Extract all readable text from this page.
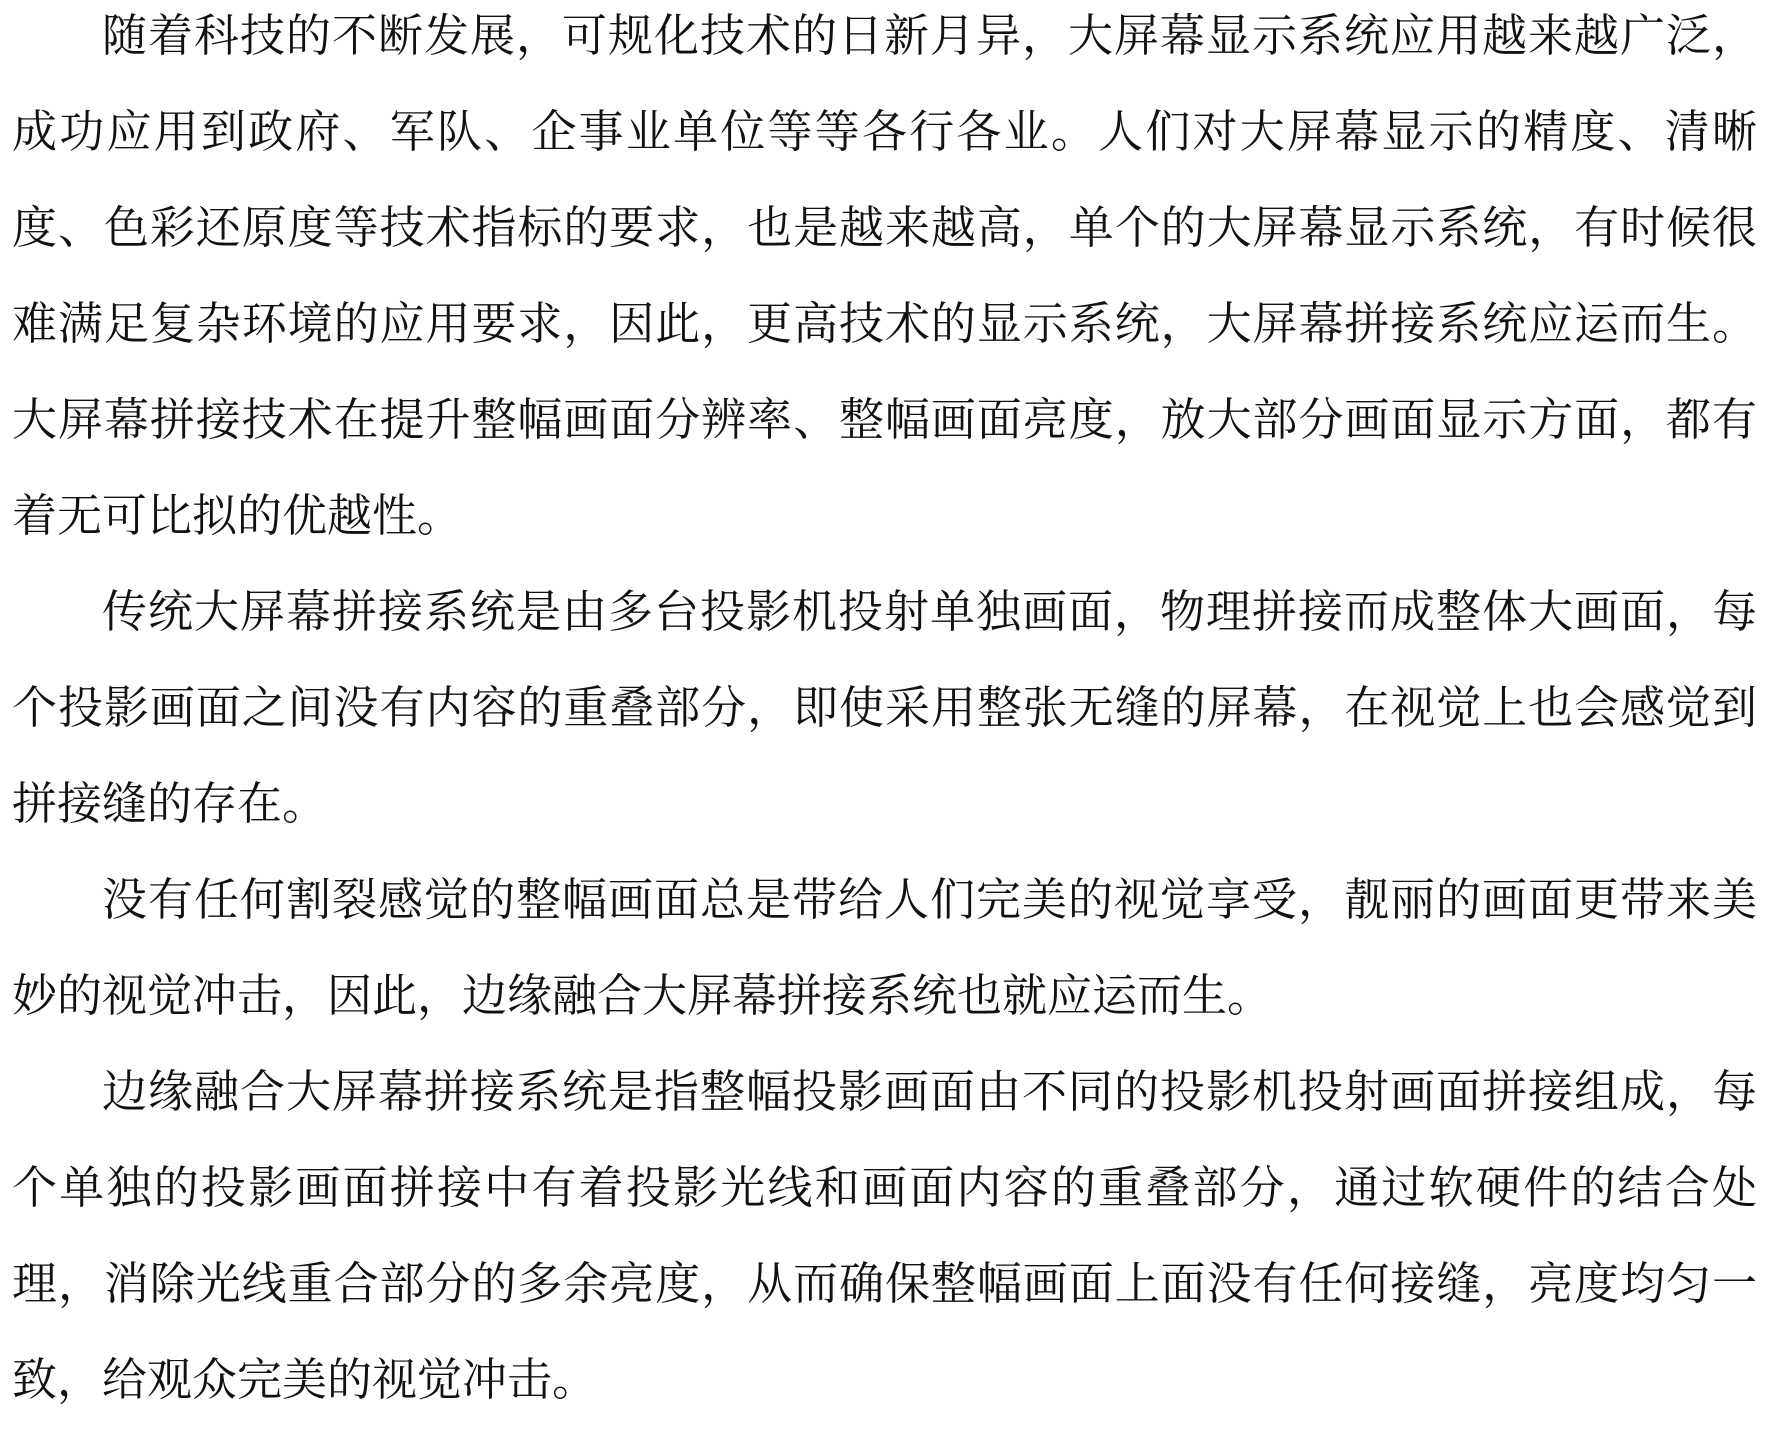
随着科技的不断发展，可规化技术的日新月异，大屏幕显示系统应用越来越广泛，成功应用到政府、军队、企事业单位等等各行各业。人们对大屏幕显示的精度、清晰度、色彩还原度等技术指标的要求，也是越来越高，单个的大屏幕显示系统，有时候很难满足复杂环境的应用要求，因此，更高技术的显示系统，大屏幕拼接系统应运而生。大屏幕拼接技术在提升整幅画面分辨率、整幅画面亮度，放大部分画面显示方面，都有着无可比拟的优越性。

传统大屏幕拼接系统是由多台投影机投射单独画面，物理拼接而成整体大画面，每个投影画面之间没有内容的重叠部分，即使采用整张无缝的屏幕，在视觉上也会感觉到拼接缝的存在。

没有任何割裂感觉的整幅画面总是带给人们完美的视觉享受，靓丽的画面更带来美妙的视觉冲击，因此，边缘融合大屏幕拼接系统也就应运而生。

边缘融合大屏幕拼接系统是指整幅投影画面由不同的投影机投射画面拼接组成，每个单独的投影画面拼接中有着投影光线和画面内容的重叠部分，通过软硬件的结合处理，消除光线重合部分的多余亮度，从而确保整幅画面上面没有任何接缝，亮度均匀一致，给观众完美的视觉冲击。
